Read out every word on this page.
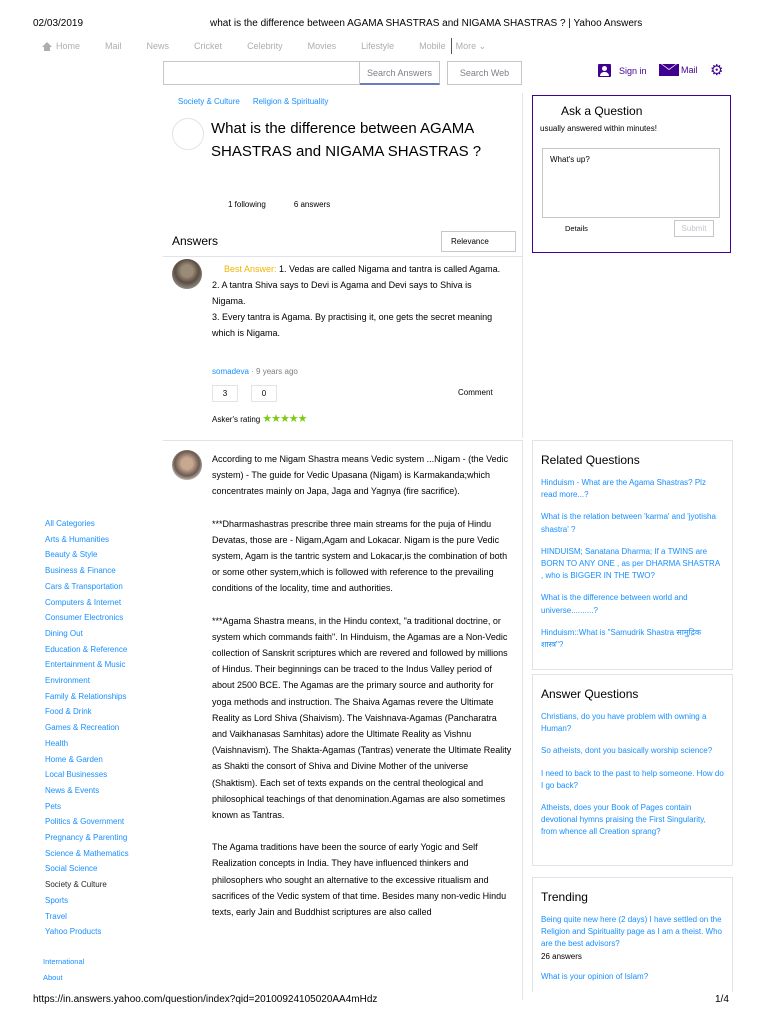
02/03/2019	what is the difference between AGAMA SHASTRAS and NIGAMA SHASTRAS ? | Yahoo Answers
Home	Mail	News	Cricket	Celebrity	Movies	Lifestyle	Mobile More ⌄
Search Answers	Search Web	Sign in	Mail ⚙
Society & Culture Religion & Spirituality
What is the difference between AGAMA SHASTRAS and NIGAMA SHASTRAS ?
1 following	6 answers
Answers	Relevance
Best Answer: 1. Vedas are called Nigama and tantra is called Agama.
2. A tantra Shiva says to Devi is Agama and Devi says to Shiva is Nigama.
3. Every tantra is Agama. By practising it, one gets the secret meaning which is Nigama.
somadeva · 9 years ago
3	0	Comment
Asker's rating ★★★★★

According to me Nigam Shastra means Vedic system ...Nigam - (the Vedic system) - The guide for Vedic Upasana (Nigam) is Karmakanda;which concentrates mainly on Japa, Jaga and Yagnya (fire sacrifice).

***Dharmashastras prescribe three main streams for the puja of Hindu Devatas, those are - Nigam,Agam and Lokacar. Nigam is the pure Vedic system, Agam is the tantric system and Lokacar,is the combination of both or some other system,which is followed with reference to the prevailing conditions of the locality, time and authorities.

***Agama Shastra means, in the Hindu context, "a traditional doctrine, or system which commands faith". In Hinduism, the Agamas are a Non-Vedic collection of Sanskrit scriptures which are revered and followed by millions of Hindus. Their beginnings can be traced to the Indus Valley period of about 2500 BCE. The Agamas are the primary source and authority for yoga methods and instruction. The Shaiva Agamas revere the Ultimate Reality as Lord Shiva (Shaivism). The Vaishnava-Agamas (Pancharatra and Vaikhanasas Samhitas) adore the Ultimate Reality as Vishnu (Vaishnavism). The Shakta-Agamas (Tantras) venerate the Ultimate Reality as Shakti the consort of Shiva and Divine Mother of the universe (Shaktism). Each set of texts expands on the central theological and philosophical teachings of that denomination.Agamas are also sometimes known as Tantras.

The Agama traditions have been the source of early Yogic and Self Realization concepts in India. They have influenced thinkers and philosophers who sought an alternative to the excessive ritualism and sacrifices of the Vedic system of that time. Besides many non-vedic Hindu texts, early Jain and Buddhist scriptures are also called

All Categories
Arts & Humanities
Beauty & Style
Business & Finance
Cars & Transportation
Computers & Internet
Consumer Electronics
Dining Out
Education & Reference
Entertainment & Music
Environment
Family & Relationships
Food & Drink
Games & Recreation
Health
Home & Garden
Local Businesses
News & Events
Pets
Politics & Government
Pregnancy & Parenting
Science & Mathematics
Social Science
Society & Culture
Sports
Travel
Yahoo Products
International
About
Ask a Question
usually answered within minutes!
What's up?
Details	Submit
Related Questions
Hinduism - What are the Agama Shastras? Plz read more...?
What is the relation between 'karma' and 'jyotisha shastra' ?
HINDUISM; Sanatana Dharma; If a TWINS are BORN TO ANY ONE , as per DHARMA SHASTRA , who is BIGGER IN THE TWO?
What is the difference between world and universe..........?
Hinduism::What is "Samudrik Shastra सामुद्रिक शास्त्र"?
Answer Questions
Christians, do you have problem with owning a Human?
So atheists, dont you basically worship science?
I need to back to the past to help someone. How do I go back?
Atheists, does your Book of Pages contain devotional hymns praising the First Singularity, from whence all Creation sprang?
Trending
Being quite new here (2 days) I have settled on the Religion and Spirituality page as I am a theist. Who are the best advisors?
26 answers
What is your opinion of Islam?
https://in.answers.yahoo.com/question/index?qid=20100924105020AA4mHdz	1/4
